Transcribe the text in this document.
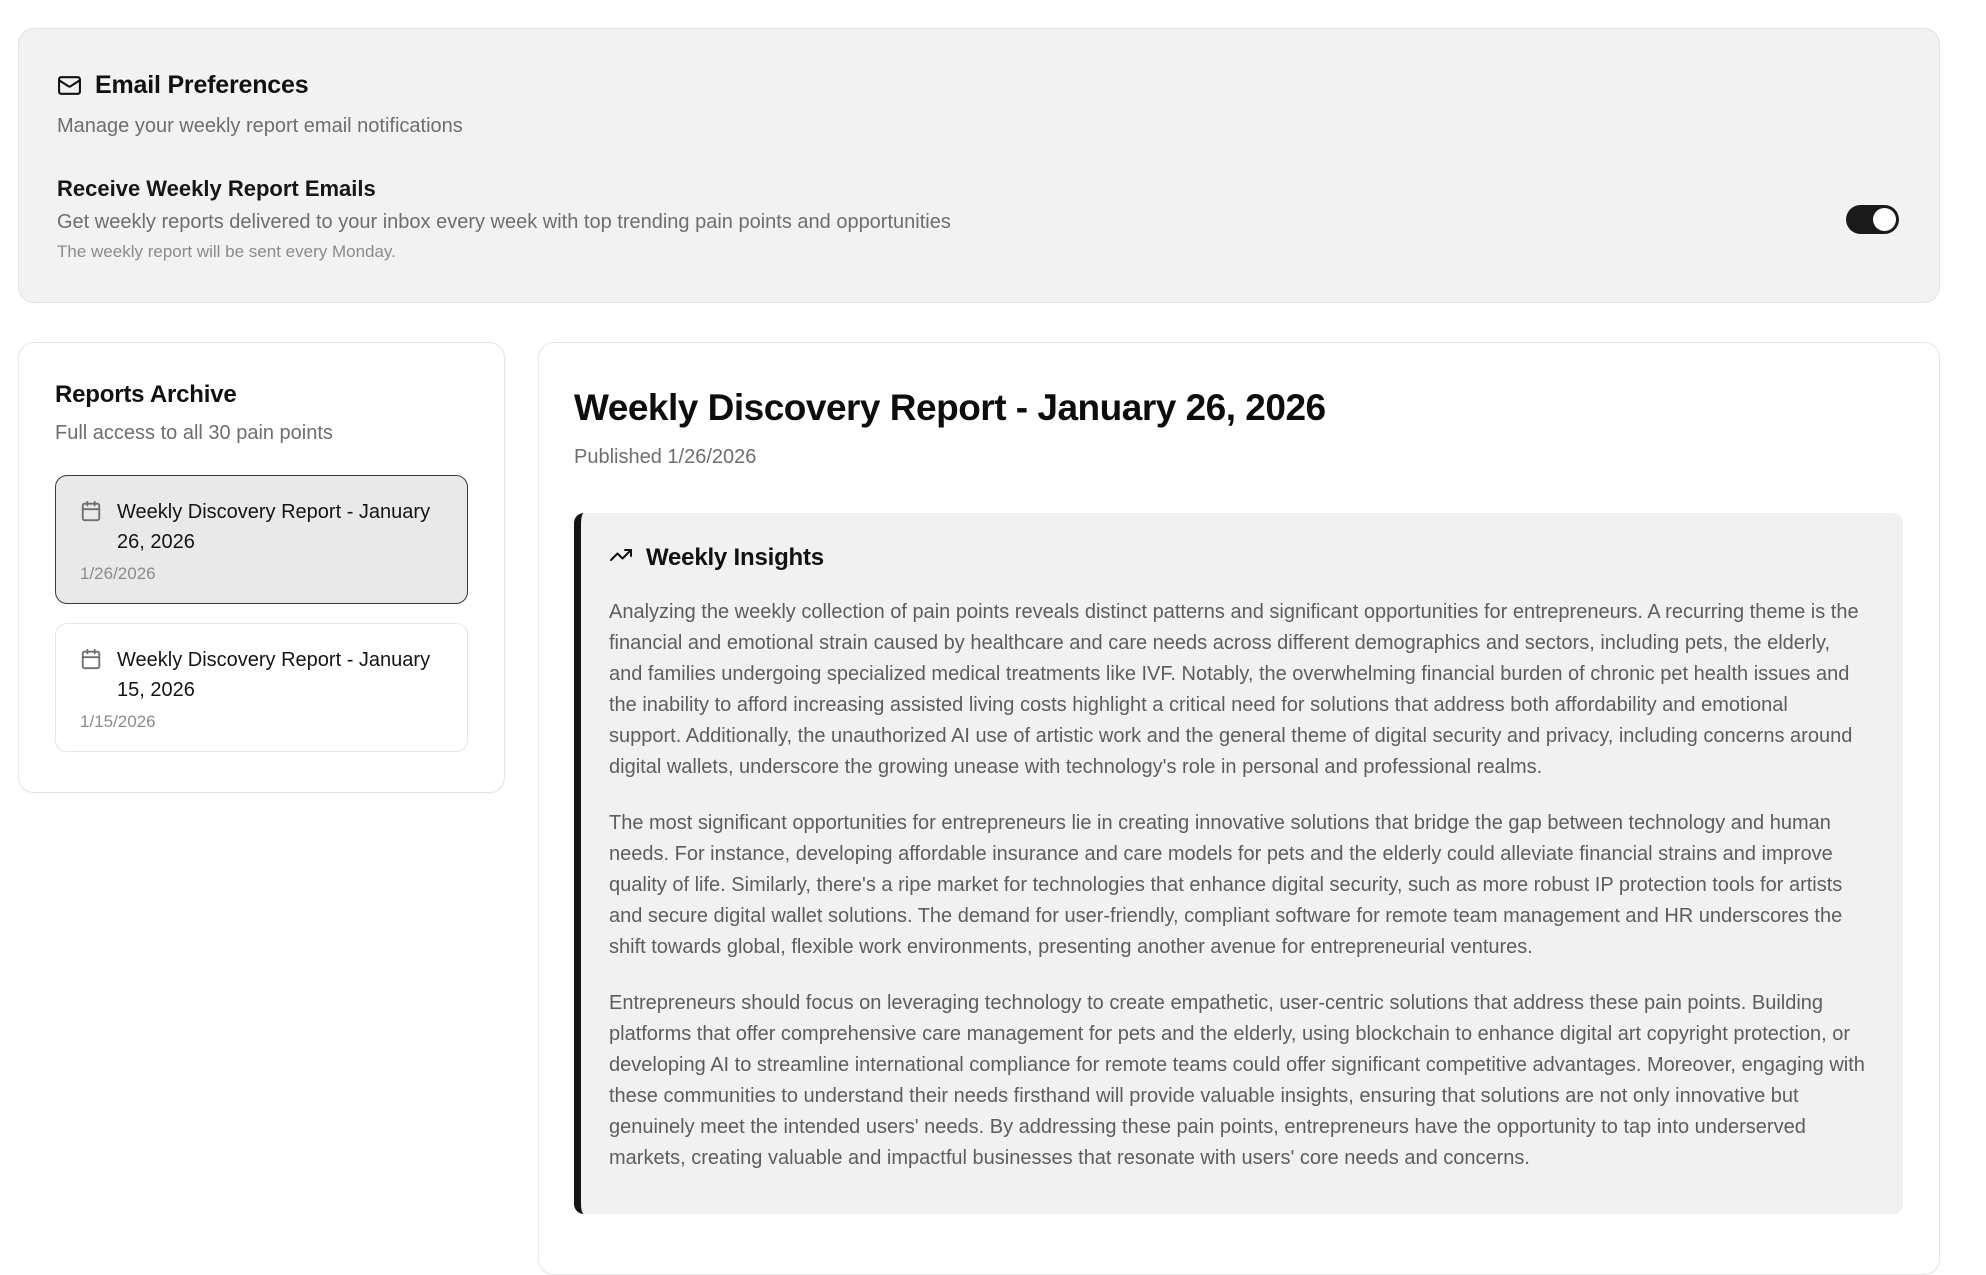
Email Preferences

Manage your weekly report email notifications

Receive Weekly Report Emails

Get weekly reports delivered to your inbox every week with top trending pain points and opportunities

The weekly report will be sent every Monday.

Reports Archive

Full access to all 30 pain points

Weekly Discovery Report - January 26, 2026
1/26/2026
Weekly Discovery Report - January 15, 2026
1/15/2026
Weekly Discovery Report - January 26, 2026

Published 1/26/2026

Weekly Insights

Analyzing the weekly collection of pain points reveals distinct patterns and significant opportunities for entrepreneurs. A recurring theme is the financial and emotional strain caused by healthcare and care needs across different demographics and sectors, including pets, the elderly, and families undergoing specialized medical treatments like IVF. Notably, the overwhelming financial burden of chronic pet health issues and the inability to afford increasing assisted living costs highlight a critical need for solutions that address both affordability and emotional support. Additionally, the unauthorized AI use of artistic work and the general theme of digital security and privacy, including concerns around digital wallets, underscore the growing unease with technology's role in personal and professional realms.

The most significant opportunities for entrepreneurs lie in creating innovative solutions that bridge the gap between technology and human needs. For instance, developing affordable insurance and care models for pets and the elderly could alleviate financial strains and improve quality of life. Similarly, there's a ripe market for technologies that enhance digital security, such as more robust IP protection tools for artists and secure digital wallet solutions. The demand for user-friendly, compliant software for remote team management and HR underscores the shift towards global, flexible work environments, presenting another avenue for entrepreneurial ventures.

Entrepreneurs should focus on leveraging technology to create empathetic, user-centric solutions that address these pain points. Building platforms that offer comprehensive care management for pets and the elderly, using blockchain to enhance digital art copyright protection, or developing AI to streamline international compliance for remote teams could offer significant competitive advantages. Moreover, engaging with these communities to understand their needs firsthand will provide valuable insights, ensuring that solutions are not only innovative but genuinely meet the intended users' needs. By addressing these pain points, entrepreneurs have the opportunity to tap into underserved markets, creating valuable and impactful businesses that resonate with users' core needs and concerns.
